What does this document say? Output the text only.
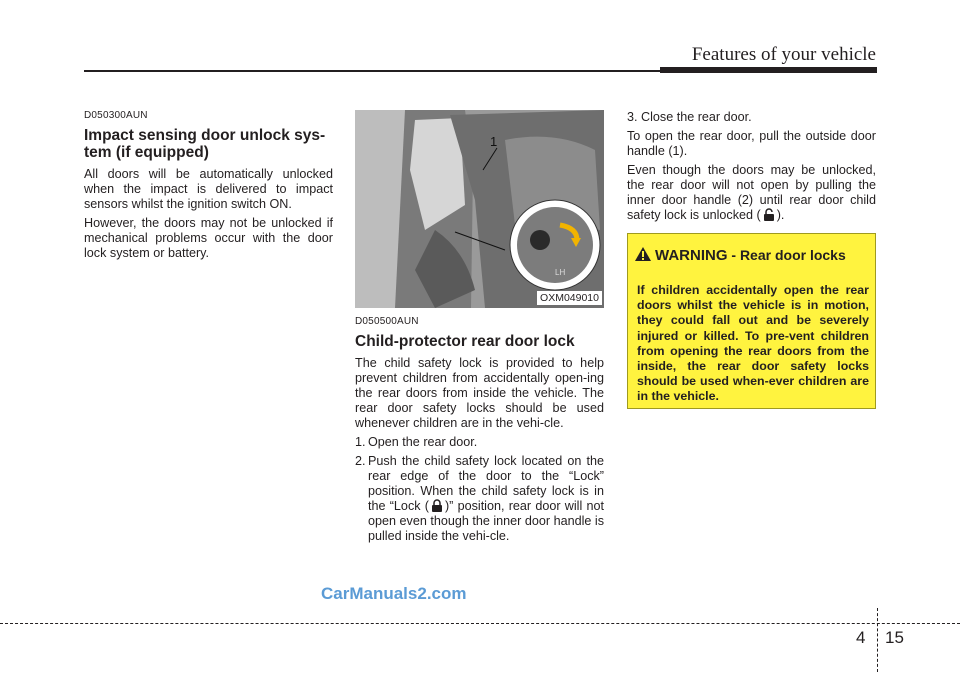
Features of your vehicle
D050300AUN
Impact sensing door unlock sys-tem (if equipped)

All doors will be automatically unlocked when the impact is delivered to impact sensors whilst the ignition switch ON.

However, the doors may not be unlocked if mechanical problems occur with the door lock system or battery.

LH
1
OXM049010
D050500AUN
Child-protector rear door lock

The child safety lock is provided to help prevent children from accidentally open-ing the rear doors from inside the vehicle. The rear door safety locks should be used whenever children are in the vehi-cle.

1. Open the rear door.
2. Push the child safety lock located on the rear edge of the door to the “Lock” position. When the child safety lock is in the “Lock ( )” position, rear door will not open even though the inner door handle is pulled inside the vehi-cle.

3. Close the rear door.

To open the rear door, pull the outside door handle (1).

Even though the doors may be unlocked, the rear door will not open by pulling the inner door handle (2) until rear door child safety lock is unlocked ( ).

WARNING - Rear door locks
If children accidentally open the rear doors whilst the vehicle is in motion, they could fall out and be severely injured or killed. To pre-vent children from opening the rear doors from the inside, the rear door safety locks should be used when-ever children are in the vehicle.
CarManuals2.com
4 15
